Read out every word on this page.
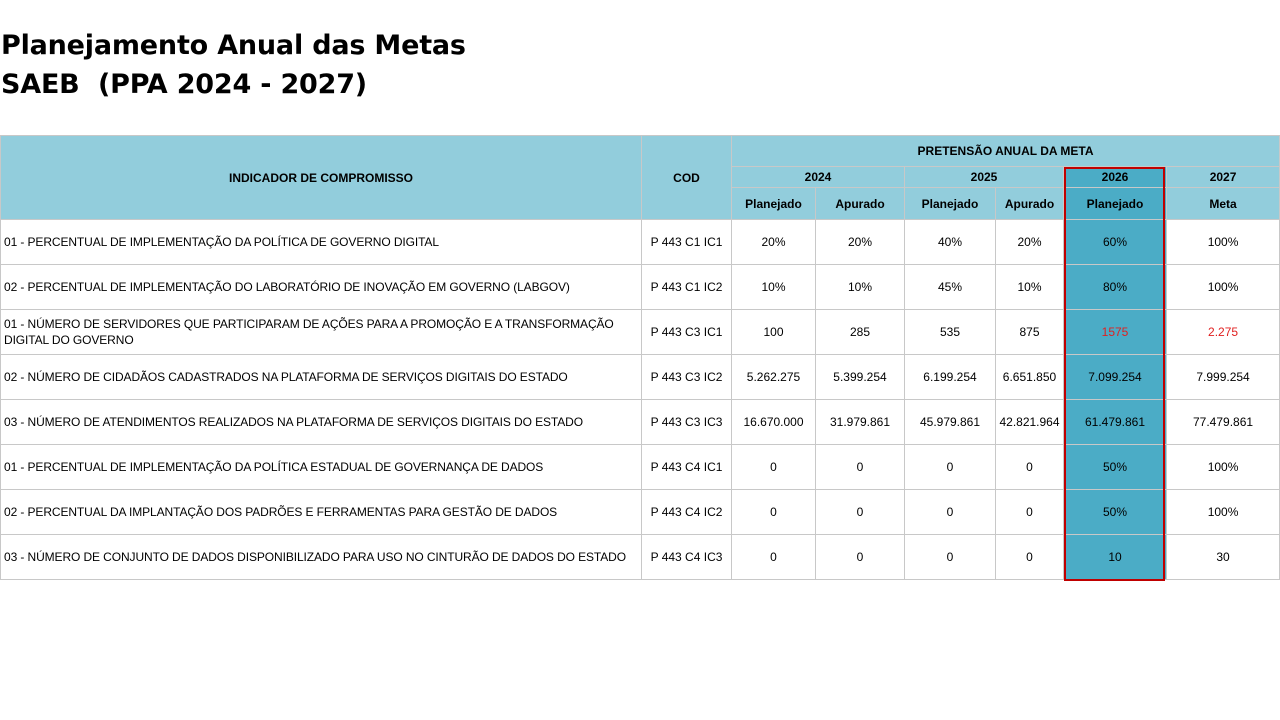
Planejamento Anual das Metas
SAEB  (PPA 2024 - 2027)
INDICADOR DE COMPROMISSO	COD	PRETENSÃO ANUAL DA META					
		2024		2025		2026	2027
		Planejado	Apurado	Planejado	Apurado	Planejado	Meta
01 - PERCENTUAL DE IMPLEMENTAÇÃO DA POLÍTICA DE GOVERNO DIGITAL	P 443 C1 IC1	20%	20%	40%	20%	60%	100%
02 - PERCENTUAL DE IMPLEMENTAÇÃO DO LABORATÓRIO DE INOVAÇÃO EM GOVERNO (LABGOV)	P 443 C1 IC2	10%	10%	45%	10%	80%	100%
01 - NÚMERO DE SERVIDORES QUE PARTICIPARAM DE AÇÕES PARA A PROMOÇÃO E A TRANSFORMAÇÃO DIGITAL DO GOVERNO	P 443 C3 IC1	100	285	535	875	1575	2.275
02 - NÚMERO DE CIDADÃOS CADASTRADOS NA PLATAFORMA DE SERVIÇOS DIGITAIS DO ESTADO	P 443 C3 IC2	5.262.275	5.399.254	6.199.254	6.651.850	7.099.254	7.999.254
03 - NÚMERO DE ATENDIMENTOS REALIZADOS NA PLATAFORMA DE SERVIÇOS DIGITAIS DO ESTADO	P 443 C3 IC3	16.670.000	31.979.861	45.979.861	42.821.964	61.479.861	77.479.861
01 - PERCENTUAL DE IMPLEMENTAÇÃO DA POLÍTICA ESTADUAL DE GOVERNANÇA DE DADOS	P 443 C4 IC1	0	0	0	0	50%	100%
02 - PERCENTUAL DA IMPLANTAÇÃO DOS PADRÕES E FERRAMENTAS PARA GESTÃO DE DADOS	P 443 C4 IC2	0	0	0	0	50%	100%
03 - NÚMERO DE CONJUNTO DE DADOS DISPONIBILIZADO PARA USO NO CINTURÃO DE DADOS DO ESTADO	P 443 C4 IC3	0	0	0	0	10	30
